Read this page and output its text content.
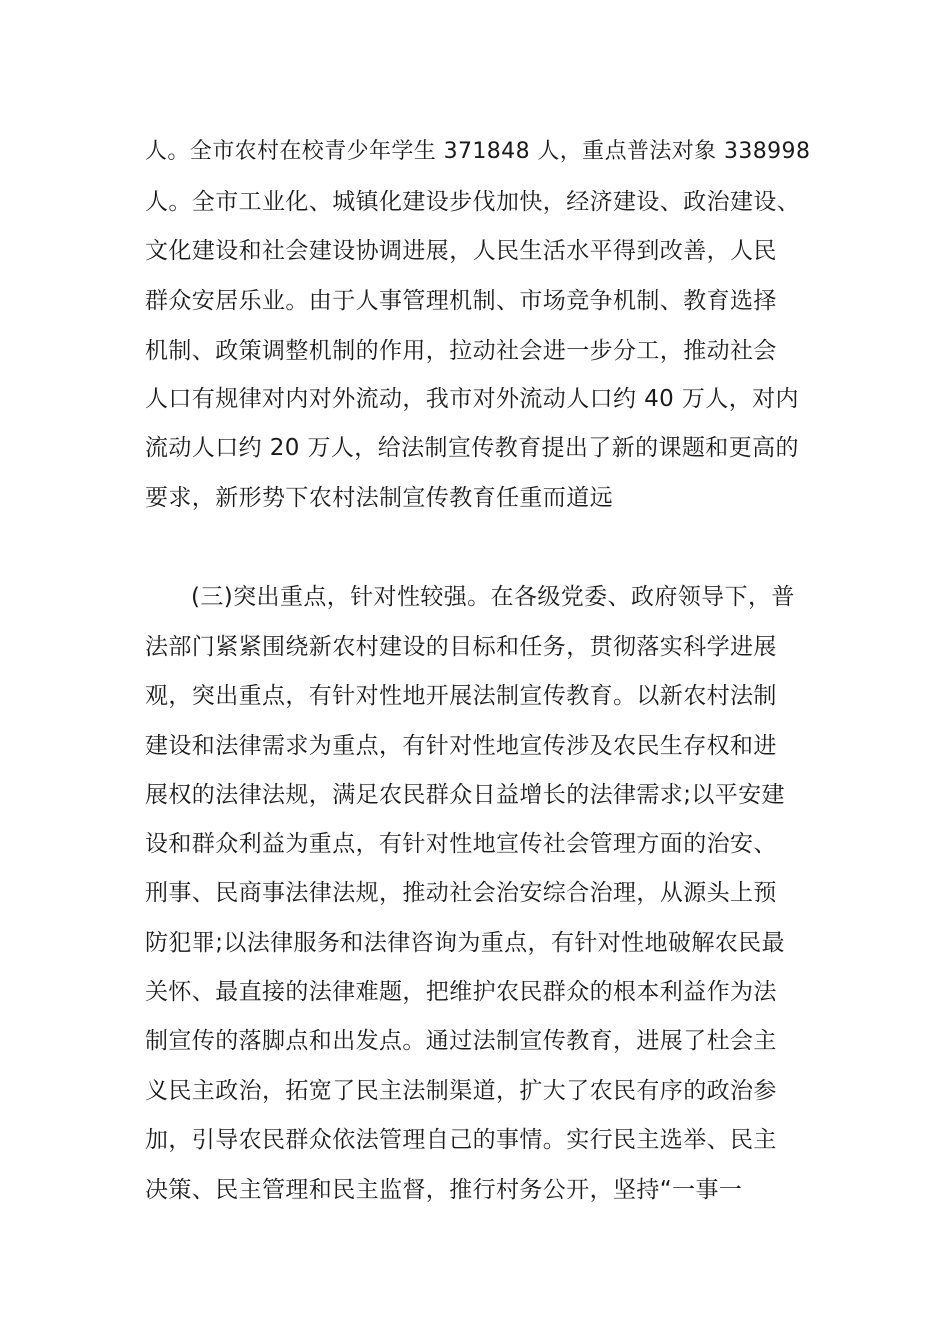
人。全市农村在校青少年学生 371848 人，重点普法对象 338998
人。全市工业化、城镇化建设步伐加快，经济建设、政治建设、
文化建设和社会建设协调进展，人民生活水平得到改善，人民
群众安居乐业。由于人事管理机制、市场竞争机制、教育选择
机制、政策调整机制的作用，拉动社会进一步分工，推动社会
人口有规律对内对外流动，我市对外流动人口约 40 万人，对内
流动人口约 20 万人，给法制宣传教育提出了新的课题和更高的
要求，新形势下农村法制宣传教育任重而道远
(三)突出重点，针对性较强。在各级党委、政府领导下，普
法部门紧紧围绕新农村建设的目标和任务，贯彻落实科学进展
观，突出重点，有针对性地开展法制宣传教育。以新农村法制
建设和法律需求为重点，有针对性地宣传涉及农民生存权和进
展权的法律法规，满足农民群众日益增长的法律需求;以平安建
设和群众利益为重点，有针对性地宣传社会管理方面的治安、
刑事、民商事法律法规，推动社会治安综合治理，从源头上预
防犯罪;以法律服务和法律咨询为重点，有针对性地破解农民最
关怀、最直接的法律难题，把维护农民群众的根本利益作为法
制宣传的落脚点和出发点。通过法制宣传教育，进展了杜会主
义民主政治，拓宽了民主法制渠道，扩大了农民有序的政治参
加，引导农民群众依法管理自己的事情。实行民主选举、民主
决策、民主管理和民主监督，推行村务公开，坚持“一事一
